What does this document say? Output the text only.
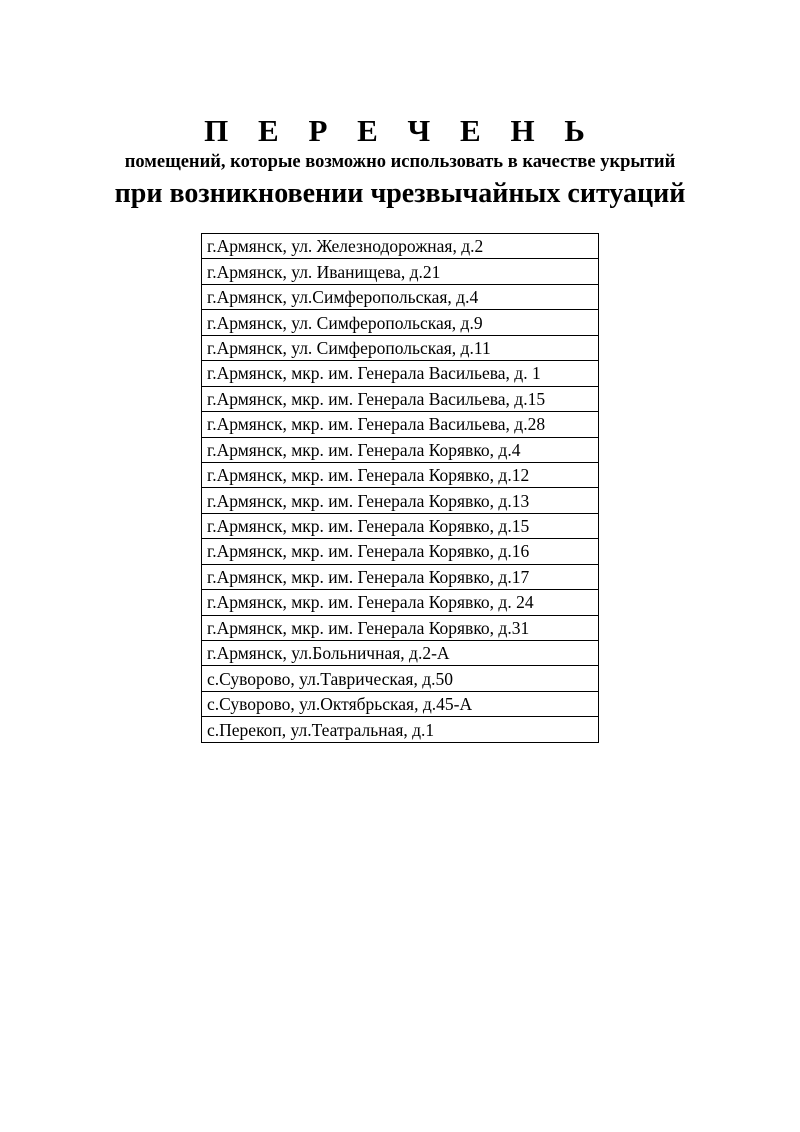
П Е Р Е Ч Е Н Ь
помещений, которые возможно использовать в качестве укрытий
при возникновении чрезвычайных ситуаций
г.Армянск, ул. Железнодорожная, д.2
г.Армянск, ул. Иванищева, д.21
г.Армянск, ул.Симферопольская, д.4
г.Армянск, ул. Симферопольская, д.9
г.Армянск, ул. Симферопольская, д.11
г.Армянск, мкр. им. Генерала Васильева, д. 1
г.Армянск, мкр. им. Генерала Васильева, д.15
г.Армянск, мкр. им. Генерала Васильева, д.28
г.Армянск, мкр. им. Генерала Корявко, д.4
г.Армянск, мкр. им. Генерала Корявко, д.12
г.Армянск, мкр. им. Генерала Корявко, д.13
г.Армянск, мкр. им. Генерала Корявко, д.15
г.Армянск, мкр. им. Генерала Корявко, д.16
г.Армянск, мкр. им. Генерала Корявко, д.17
г.Армянск, мкр. им. Генерала Корявко, д. 24
г.Армянск, мкр. им. Генерала Корявко, д.31
г.Армянск, ул.Больничная, д.2-А
с.Суворово, ул.Таврическая, д.50
с.Суворово, ул.Октябрьская, д.45-А
с.Перекоп, ул.Театральная, д.1
